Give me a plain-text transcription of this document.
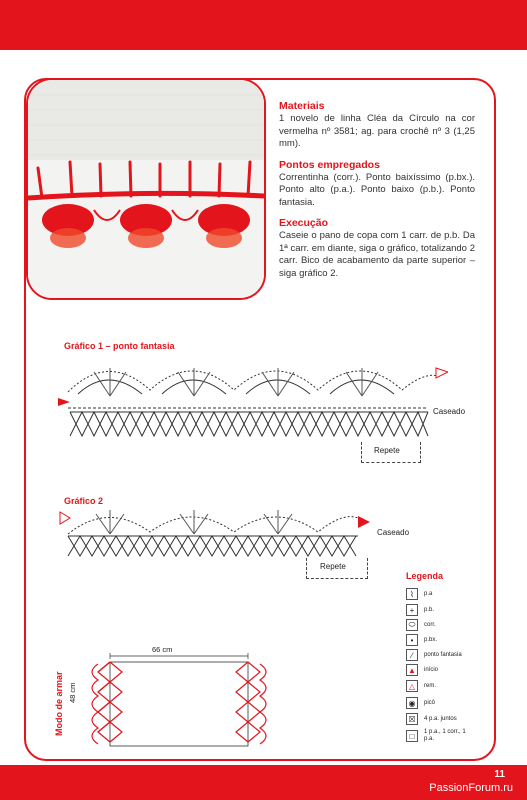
Materiais

1 novelo de linha Cléa da Círculo na cor vermelha nº 3581; ag. para crochê nº 3 (1,25 mm).

Pontos empregados

Correntinha (corr.). Ponto baixíssimo (p.bx.). Ponto alto (p.a.). Ponto baixo (p.b.). Ponto fantasia.

Execução

Caseie o pano de copa com 1 carr. de p.b. Da 1ª carr. em diante, siga o gráfico, totalizando 2 carr. Bico de acabamento da parte superior – siga gráfico 2.

Gráfico 1 – ponto fantasia
Caseado
Repete
Gráfico 2
Caseado
Repete
Legenda
⌇	p.a
+	p.b.
⬭	corr.
•	p.bx.
∕	ponto fantasia
▲	início
△	rem.
◉	picô
☒	4 p.a. juntos
□	1 p.a., 1 corr., 1 p.a.
Modo de armar 48 cm
66 cm
11
PassionForum.ru
